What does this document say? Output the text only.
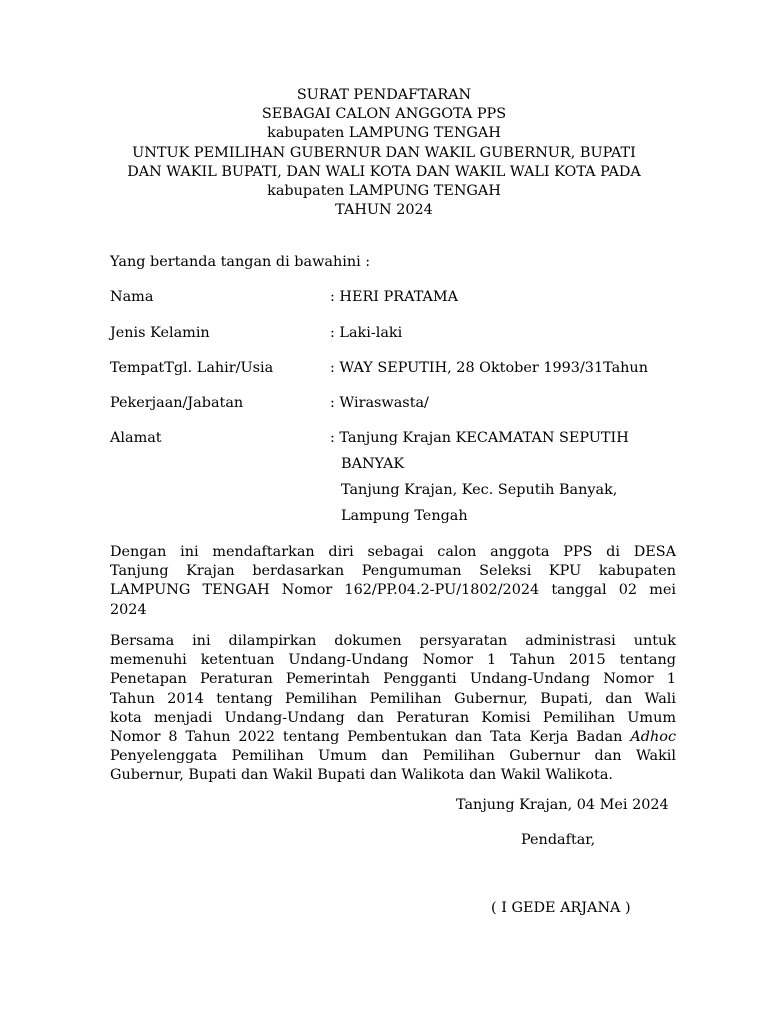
SURAT PENDAFTARAN
SEBAGAI CALON ANGGOTA PPS
kabupaten LAMPUNG TENGAH
UNTUK PEMILIHAN GUBERNUR DAN WAKIL GUBERNUR, BUPATI
DAN WAKIL BUPATI, DAN WALI KOTA DAN WAKIL WALI KOTA PADA
kabupaten LAMPUNG TENGAH
TAHUN 2024
Yang bertanda tangan di bawahini :
Nama	: HERI PRATAMA
Jenis Kelamin	: Laki-laki
TempatTgl. Lahir/Usia	: WAY SEPUTIH, 28 Oktober 1993/31Tahun
Pekerjaan/Jabatan	: Wiraswasta/
Alamat	: Tanjung Krajan KECAMATAN SEPUTIH
BANYAK
Tanjung Krajan, Kec. Seputih Banyak,
Lampung Tengah
Dengan ini mendaftarkan diri sebagai calon anggota PPS di DESA
Tanjung Krajan berdasarkan Pengumuman Seleksi KPU kabupaten
LAMPUNG TENGAH Nomor 162/PP.04.2-PU/1802/2024 tanggal 02 mei
2024
Bersama ini dilampirkan dokumen persyaratan administrasi untuk
memenuhi ketentuan Undang-Undang Nomor 1 Tahun 2015 tentang
Penetapan Peraturan Pemerintah Pengganti Undang-Undang Nomor 1
Tahun 2014 tentang Pemilihan Pemilihan Gubernur, Bupati, dan Wali
kota menjadi Undang-Undang dan Peraturan Komisi Pemilihan Umum
Nomor 8 Tahun 2022 tentang Pembentukan dan Tata Kerja Badan Adhoc
Penyelenggata Pemilihan Umum dan Pemilihan Gubernur dan Wakil
Gubernur, Bupati dan Wakil Bupati dan Walikota dan Wakil Walikota.
Tanjung Krajan, 04 Mei 2024
Pendaftar,
( I GEDE ARJANA )
